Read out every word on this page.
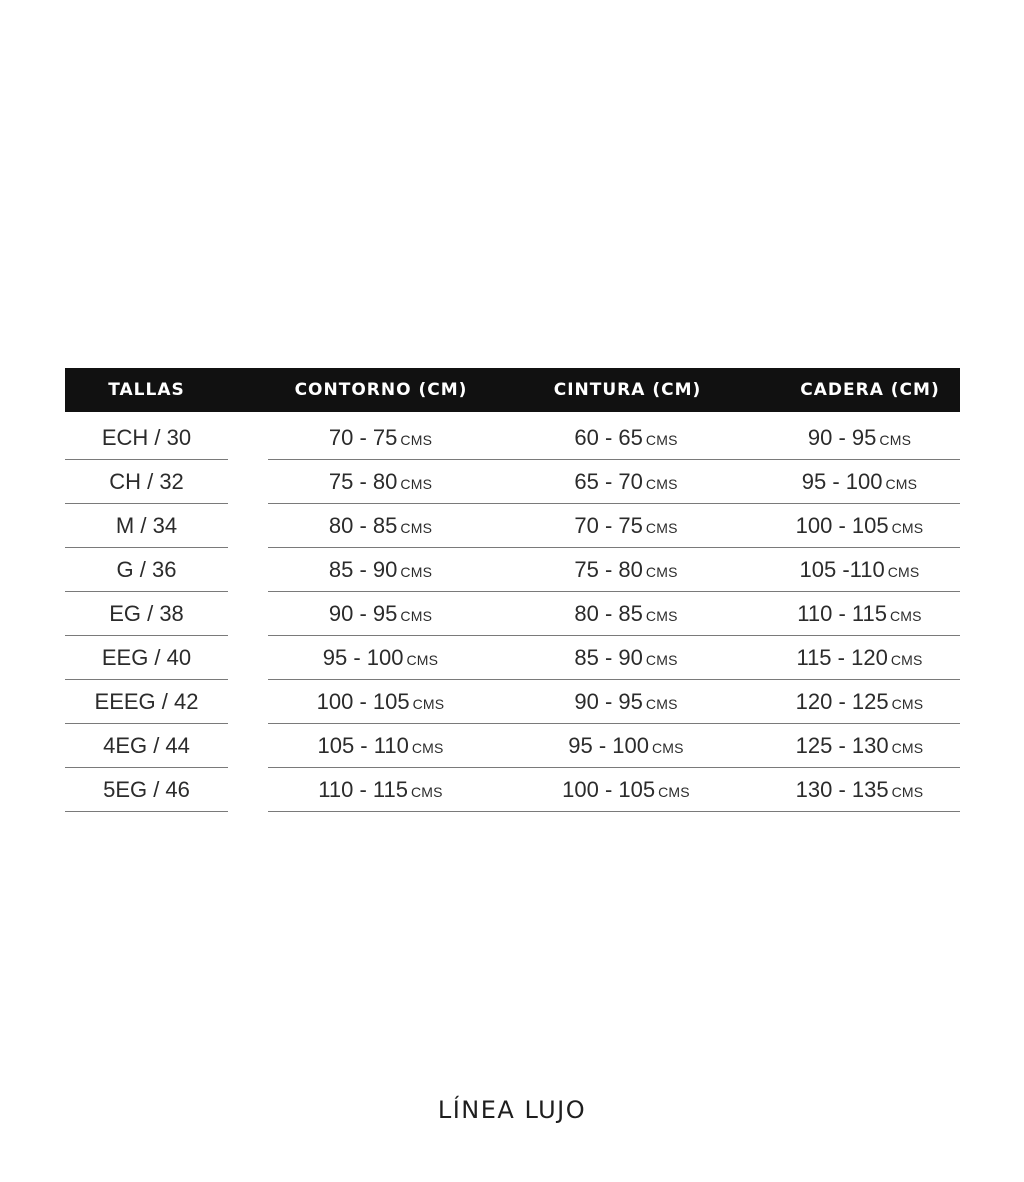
TALLAS	CONTORNO (CM)	CINTURA (CM)	CADERA (CM)
ECH / 30	70 - 75 CMS	60 - 65 CMS	90 - 95 CMS
CH / 32	75 - 80 CMS	65 - 70 CMS	95 - 100 CMS
M / 34	80 - 85 CMS	70 - 75 CMS	100 - 105 CMS
G / 36	85 - 90 CMS	75 - 80 CMS	105 -110 CMS
EG / 38	90 - 95 CMS	80 - 85 CMS	110 - 115 CMS
EEG / 40	95 - 100 CMS	85 - 90 CMS	115 - 120 CMS
EEEG / 42	100 - 105 CMS	90 - 95 CMS	120 - 125 CMS
4EG / 44	105 - 110 CMS	95 - 100 CMS	125 - 130 CMS
5EG / 46	110 - 115 CMS	100 - 105 CMS	130 - 135 CMS
LÍNEA LUJO
